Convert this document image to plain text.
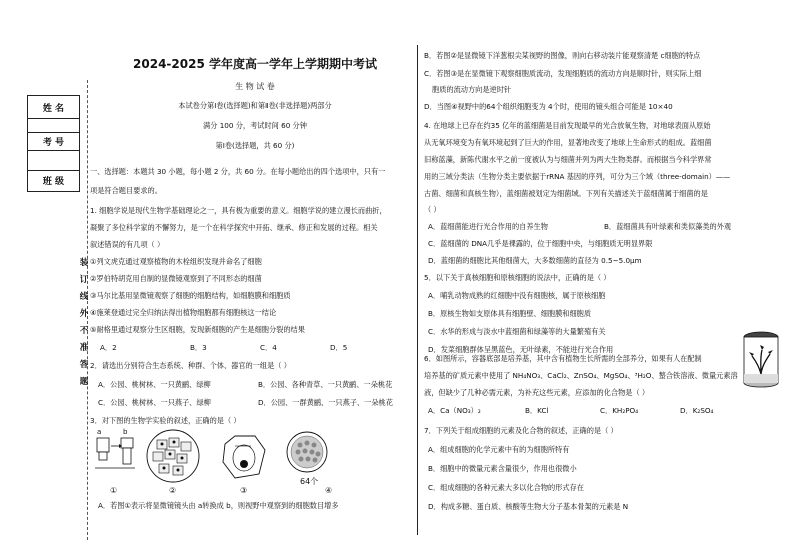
2024-2025 学年度高一学年上学期期中考试
生 物 试 卷
本试卷分第Ⅰ卷(选择题)和第Ⅱ卷(非选择题)两部分
满分 100 分，考试时间 60 分钟
第Ⅰ卷(选择题，共 60 分)
姓 名
考 号
班 级
装
订
线
外
不
准
答
题
一、选择题：本题共 30 小题，每小题 2 分，共 60 分。在每小题给出的四个选项中，只有一
项是符合题目要求的。
1. 细胞学说是现代生物学基础理论之一，具有极为重要的意义。细胞学说的建立漫长而曲折，
凝聚了多位科学家的不懈努力，是一个在科学探究中开拓、继承、修正和发展的过程。相关
叙述错误的有几项（ ）
①列文虎克通过观察植物的木栓组织发现并命名了细胞
②罗伯特胡克用自制的显微镜观察到了不同形态的细菌
③马尔比基用显微镜观察了细胞的细胞结构，如细胞膜和细胞质
④施莱登通过完全归纳法得出植物细胞都有细胞核这一结论
⑤耐格里通过观察分生区细胞，发现新细胞的产生是细胞分裂的结果
A．2	B．3	C．4	D．5
2．请选出分别符合生态系统、种群、个体、器官的一组是（ ）
A．公园、桃树林、一只黄鹂、绿柳	B．公园、各种青草、一只黄鹂、一朵桃花
C．公园、桃树林、一只燕子、绿柳	D．公园、一群黄鹂、一只燕子、一朵桃花
3．对下图的生物学实验的叙述，正确的是（ ）
a	b
①	②	③
64个
④
A．若图①表示将显微镜镜头由 a转换成 b，则视野中观察到的细胞数目增多
B．若图②是显微镜下洋葱根尖某视野的图像，则向右移动装片能观察清楚 c细胞的特点
C．若图③是在显微镜下观察细胞质流动，发现细胞质的流动方向是顺时针，则实际上细
胞质的流动方向是逆时针
D．当图④视野中的64个组织细胞变为 4个时，使用的镜头组合可能是 10×40
4. 在地球上已存在约35 亿年的蓝细菌是目前发现最早的光合放氧生物，对地球表面从原始
从无氧环境变为有氧环境起到了巨大的作用，显著地改变了地球上生命形式的组成。蓝细菌
旧称蓝藻，新陈代谢水平之前一度被认为与细菌并列为两大生物类群。而根据当今科学界常
用的三域分类法（生物分类主要依据于rRNA 基因的序列，可分为三个域（three-domain）——
古菌、细菌和真核生物），蓝细菌被划定为细菌域。下列有关描述关于蓝细菌属于细菌的是
（ ）
A．蓝细菌能进行光合作用的自养生物	B．蓝细菌具有叶绿素和类似藻类的外观
C．蓝细菌的 DNA几乎是裸露的，位于细胞中央，与细胞质无明显界限
D．蓝细菌的细胞比其他细菌大，大多数细菌的直径为 0.5~5.0μm
5．以下关于真核细胞和原核细胞的说法中，正确的是（ ）
A．哺乳动物成熟的红细胞中没有细胞核，属于原核细胞
B．原核生物如支原体具有细胞壁、细胞膜和细胞质
C．水华的形成与淡水中蓝细菌和绿藻等的大量繁殖有关
D．发菜细胞群体呈黑蓝色，无叶绿素，不能进行光合作用
6．如图所示，容器底部是培养基，其中含有植物生长所需的全部养分，如果有人在配制
培养基的矿质元素中使用了 NH₄NO₃、CaCl₂、ZnSO₄、MgSO₄、³H₂O、螯合铁溶液、微量元素溶
液，但缺少了几种必需元素，为补充这些元素，应添加的化合物是（ ）
A．Ca（NO₃）₂	B．KCl	C．KH₂PO₄	D．K₂SO₄
7．下列关于组成细胞的元素及化合物的叙述，正确的是（ ）
A．组成细胞的化学元素中有的为细胞所特有
B．细胞中的微量元素含量很少，作用也很微小
C．组成细胞的各种元素大多以化合物的形式存在
D．构成多糖、蛋白质、核酸等生物大分子基本骨架的元素是 N
